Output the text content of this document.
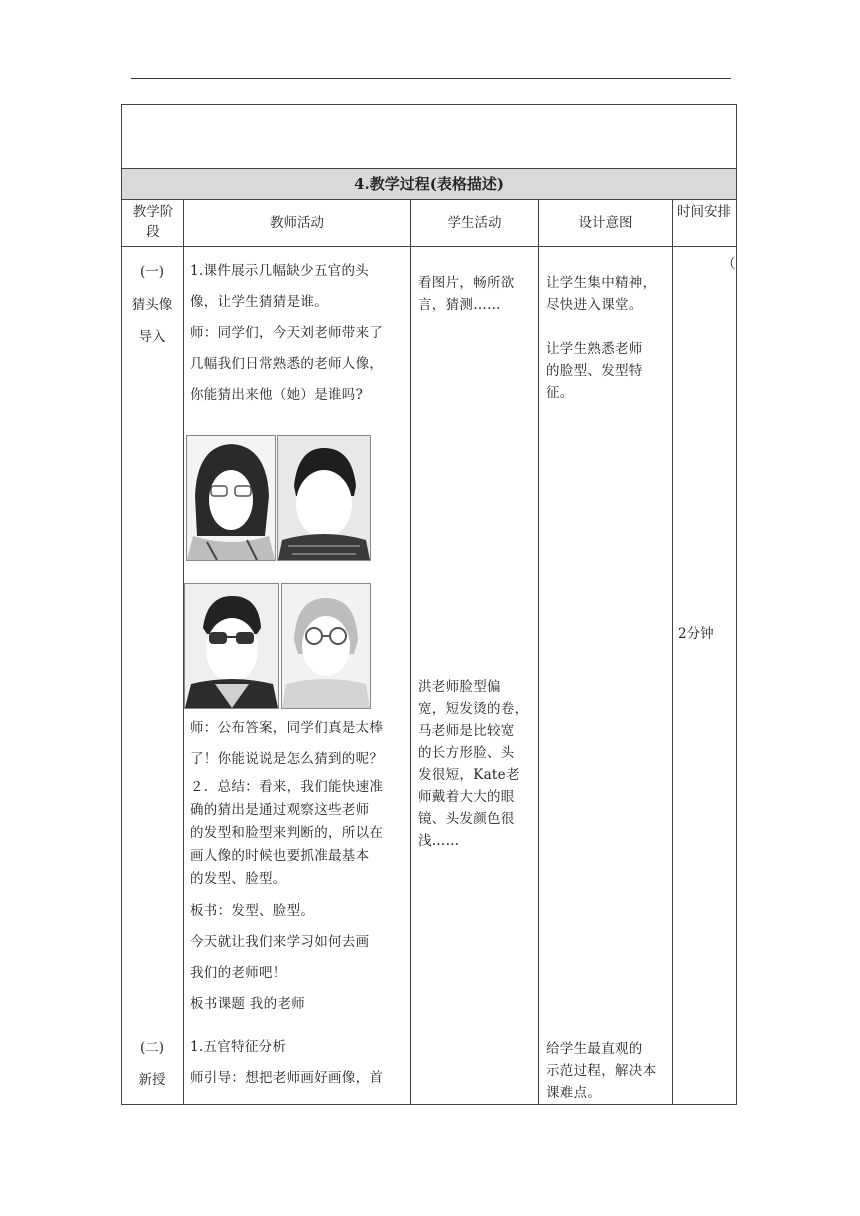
4.教学过程(表格描述)
教学阶段
教师活动	学生活动	设计意图
时间安排
(一)
猜头像
导入
1.课件展示几幅缺少五官的头
像，让学生猜猜是谁。
师：同学们，今天刘老师带来了
几幅我们日常熟悉的老师人像，
你能猜出来他（她）是谁吗?
师：公布答案，同学们真是太棒
了！你能说说是怎么猜到的呢？
２．总结：看来，我们能快速准
确的猜出是通过观察这些老师
的发型和脸型来判断的，所以在
画人像的时候也要抓准最基本
的发型、脸型。
板书：发型、脸型。
今天就让我们来学习如何去画
我们的老师吧！
板书课题 我的老师
看图片，畅所欲
言，猜测……
洪老师脸型偏
宽，短发烫的卷，
马老师是比较宽
的长方形脸、头
发很短，Kate老
师戴着大大的眼
镜、头发颜色很
浅……
让学生集中精神，
尽快进入课堂。
让学生熟悉老师
的脸型、发型特
征。
（
2分钟
(二)
新授
1.五官特征分析
师引导：想把老师画好画像，首
给学生最直观的
示范过程，解决本
课难点。
